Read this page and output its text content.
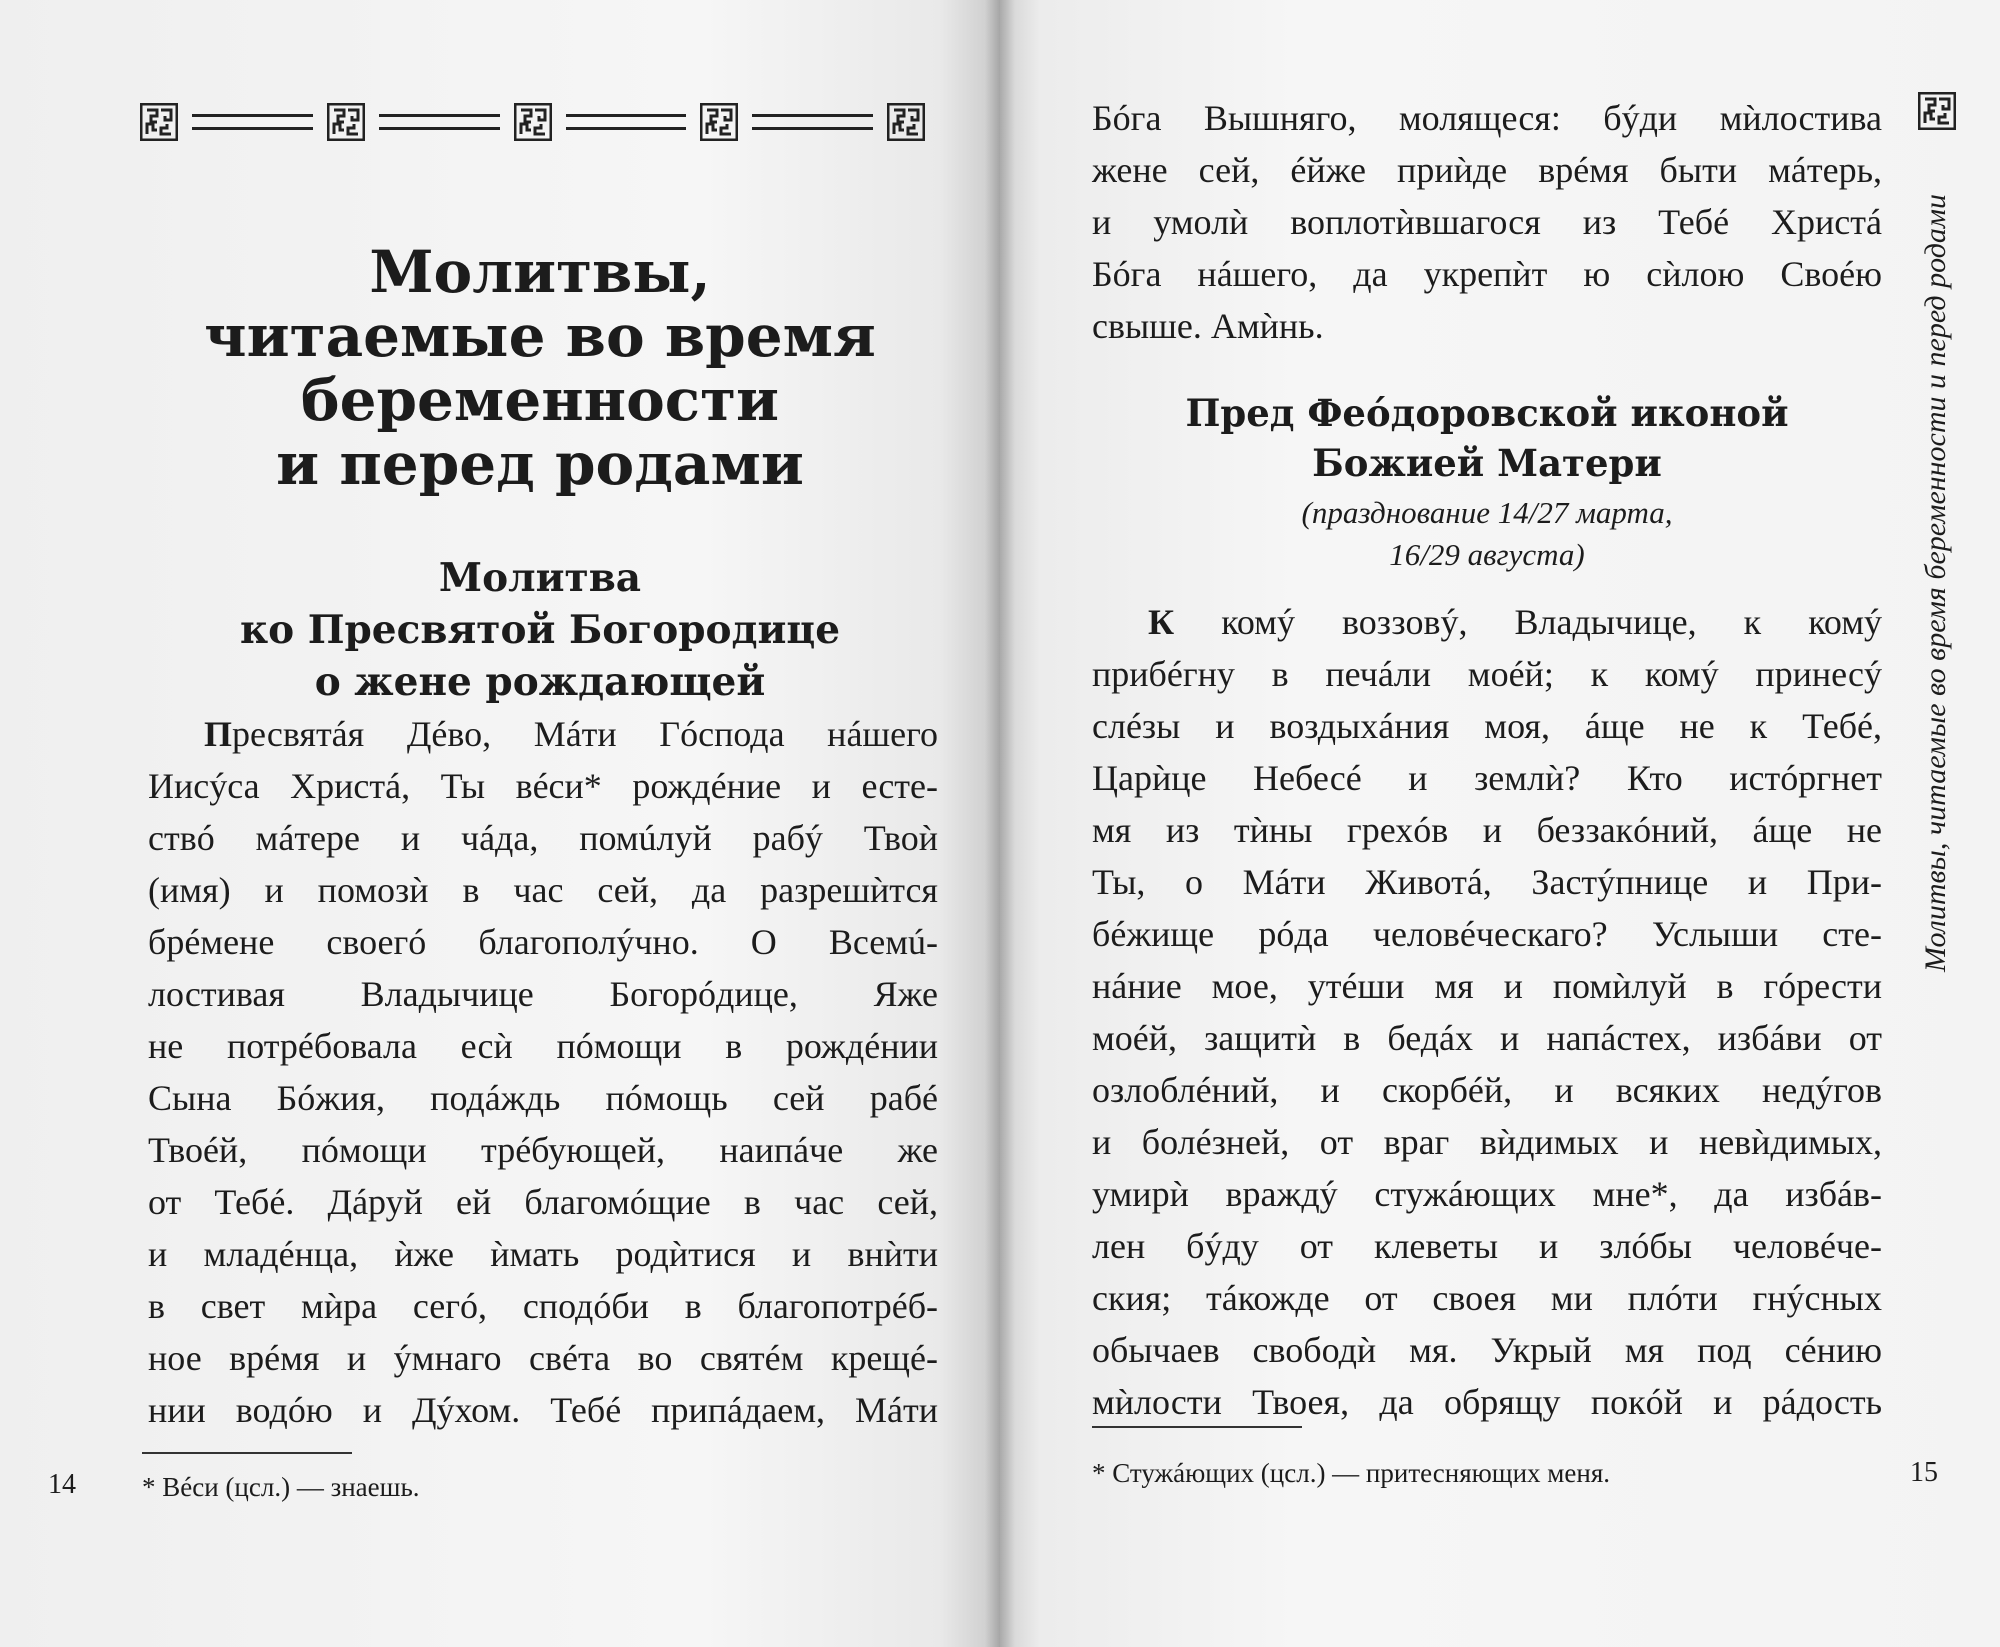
Молитвы,
читаемые во время
беременности
и перед родами
Молитва
ко Пресвятой Богородице
о жене рождающей
Пресвятáя Дéво, Мáти Гóспода нáшего
Иисýса Христá, Ты вéси* рождéние и есте-
ствó мáтере и чáда, помúлуй рабý Твоѝ
(имя) и помозѝ в час сей, да разрешѝтся
брéмене своегó благополýчно. О Всемú-
лостивая Владычице Богорóдице, Яже
не потрéбовала есѝ пóмощи в рождéнии
Сына Бóжия, подáждь пóмощь сей рабé
Твоéй, пóмощи трéбующей, наипáче же
от Тебé. Дáруй ей благомóщие в час сей,
и младéнца, ѝже ѝмать родѝтися и внѝти
в свет мѝра сегó, сподóби в благопотрéб-
ное врéмя и ýмнаго свéта во святéм крещé-
нии водóю и Дýхом. Тебé припáдаем, Мáти
* Вéси (цсл.) — знаешь.
14
Бóга Вышняго, молящеся: бýди мѝлостива
жене сей, éйже приѝде врéмя быти мáтерь,
и умолѝ воплотѝвшагося из Тебé Христá
Бóга нáшего, да укрепѝт ю сѝлою Своéю
свыше. Амѝнь.
Пред Феóдоровской иконой
Божией Матери
(празднование 14/27 марта,
16/29 августа)
К комý воззовý, Владычице, к комý
прибéгну в печáли моéй; к комý принесý
слéзы и воздыхáния моя, áще не к Тебé,
Царѝце Небесé и землѝ? Кто истóргнет
мя из тѝны грехóв и беззакóний, áще не
Ты, о Мáти Животá, Застýпнице и При-
бéжище рóда человéческаго? Услыши сте-
нáние мое, утéши мя и помѝлуй в гóрести
моéй, защитѝ в бедáх и напáстех, избáви от
озлоблéний, и скорбéй, и всякиx недýгов
и болéзней, от враг вѝдимых и невѝдимых,
умирѝ враждý стужáющих мне*, да избáв-
лен бýду от клеветы и злóбы человéче-
ския; тáкожде от своея ми плóти гнýсных
обычаев свободѝ мя. Укрый мя под сéнию
мѝлости Твоея, да обрящу покóй и рáдость
* Стужáющих (цсл.) — притесняющих меня.	15
Молитвы, читаемые во время беременности и перед родами
